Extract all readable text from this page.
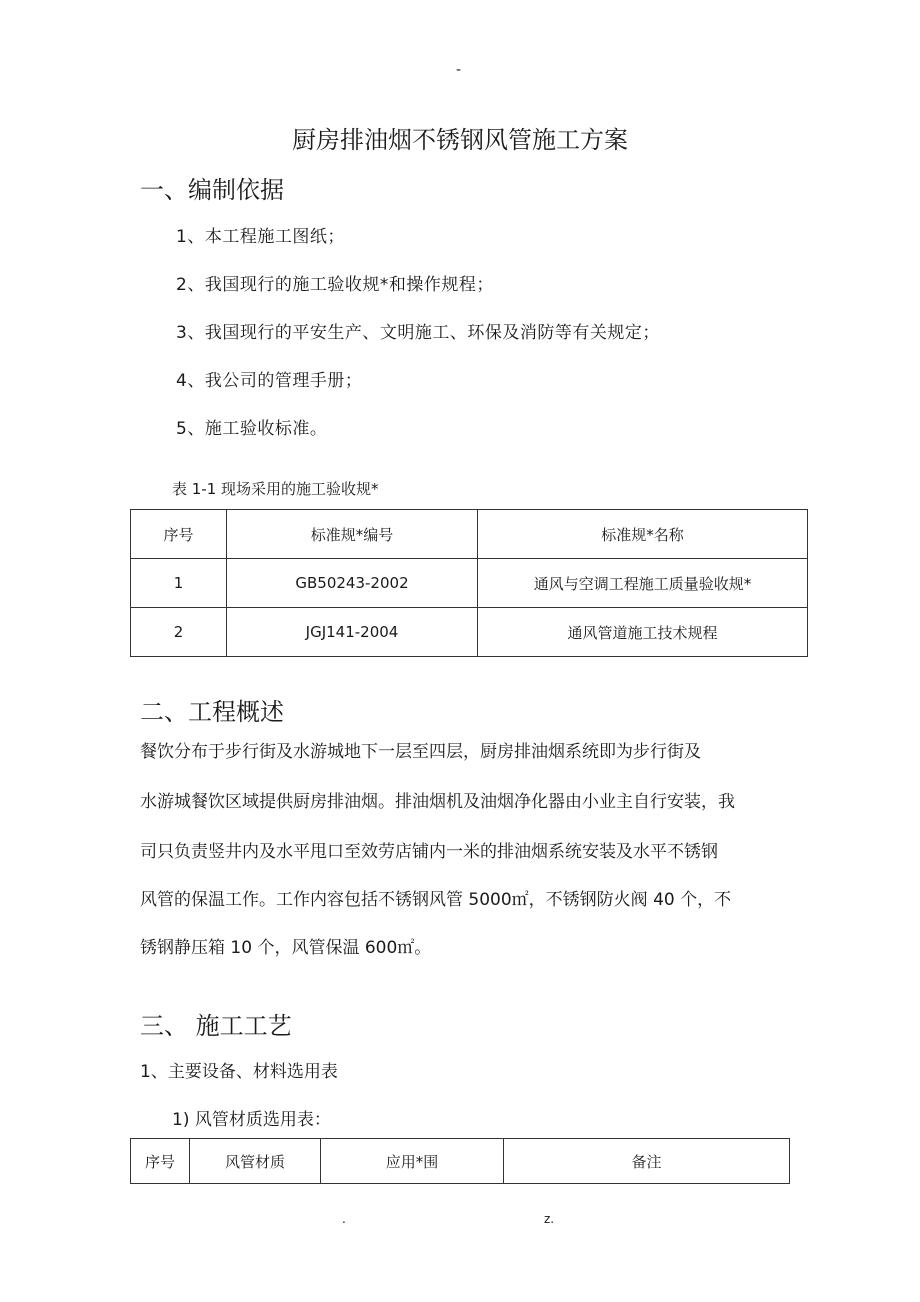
-
厨房排油烟不锈钢风管施工方案
一、编制依据
1、本工程施工图纸；
2、我国现行的施工验收规*和操作规程；
3、我国现行的平安生产、文明施工、环保及消防等有关规定；
4、我公司的管理手册；
5、施工验收标准。
表 1-1 现场采用的施工验收规*
序号	标准规*编号	标准规*名称
1	GB50243-2002	通风与空调工程施工质量验收规*
2	JGJ141-2004	通风管道施工技术规程
二、工程概述
餐饮分布于步行街及水游城地下一层至四层，厨房排油烟系统即为步行街及
水游城餐饮区域提供厨房排油烟。排油烟机及油烟净化器由小业主自行安装，我
司只负责竖井内及水平甩口至效劳店铺内一米的排油烟系统安装及水平不锈钢
风管的保温工作。工作内容包括不锈钢风管 5000㎡，不锈钢防火阀 40 个，不
锈钢静压箱 10 个，风管保温 600㎡。
三、 施工工艺
1、主要设备、材料选用表
1) 风管材质选用表：
序号	风管材质	应用*围	备注
.	z.
